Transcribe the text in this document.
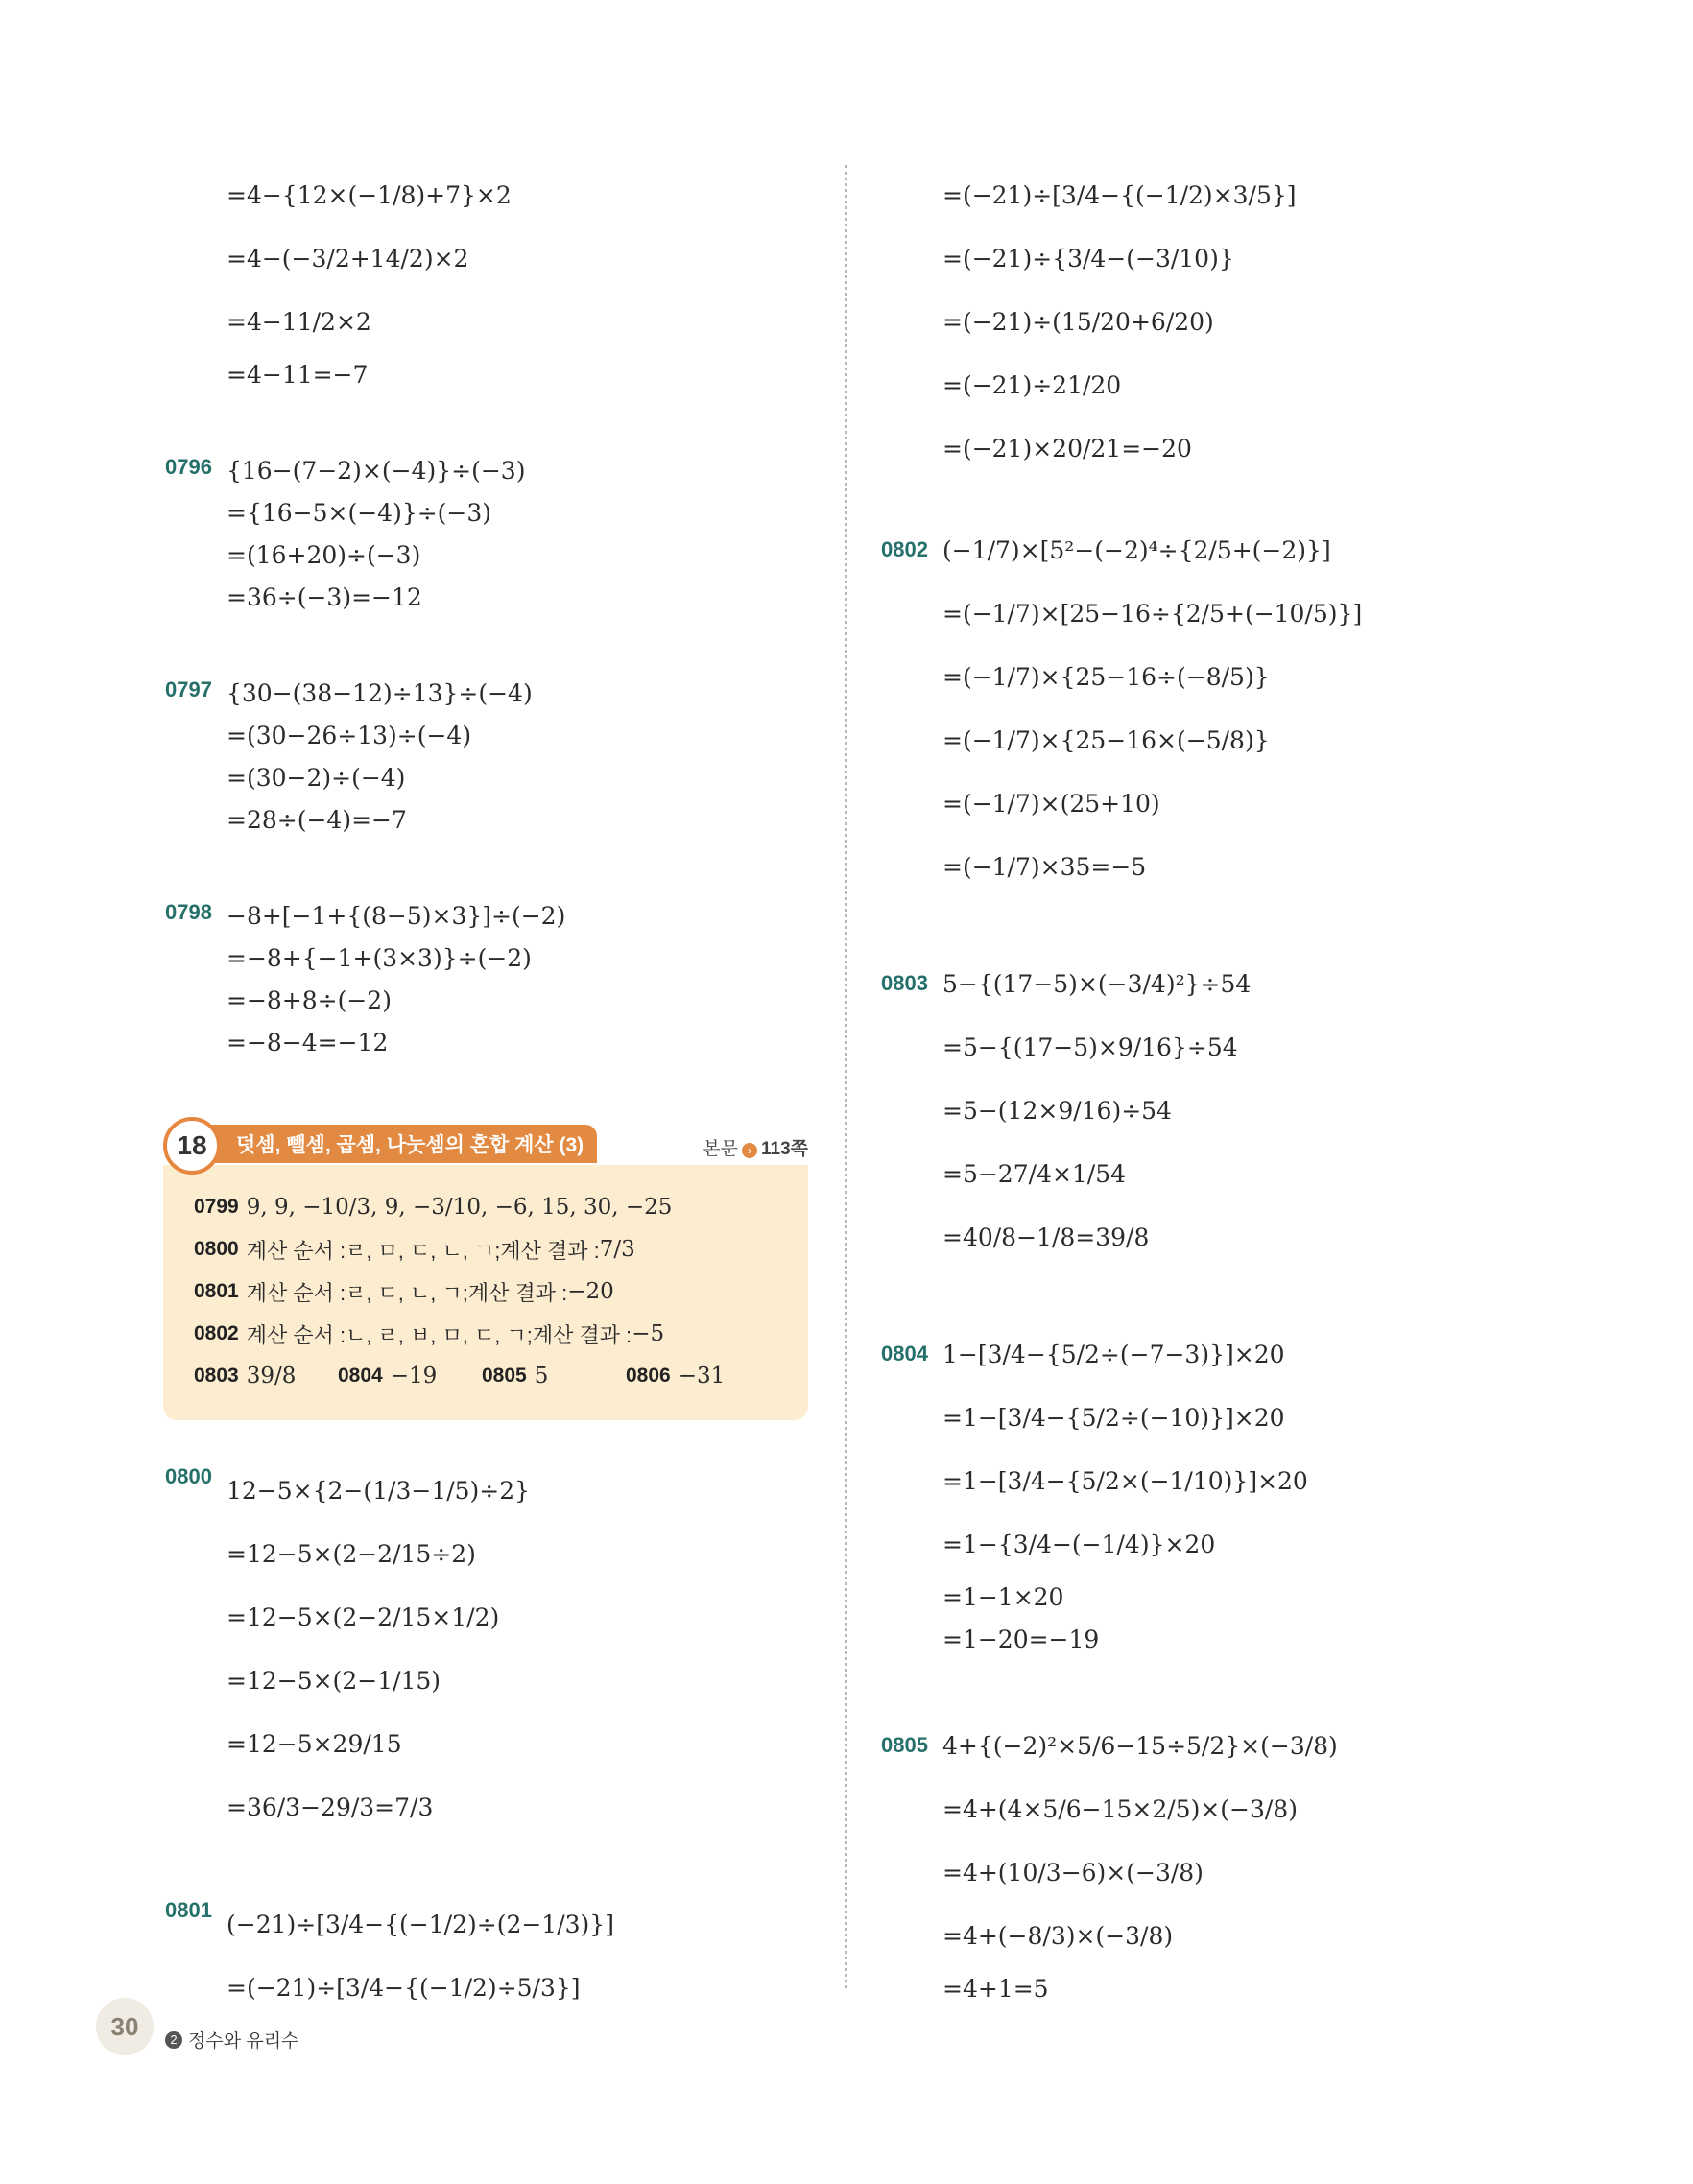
=4−{12×(−1/8)+7}×2
=4−(−3/2+14/2)×2
=4−11/2×2
=4−11=−7
0796 {16−(7−2)×(−4)}÷(−3)
={16−5×(−4)}÷(−3)
=(16+20)÷(−3)
=36÷(−3)=−12
0797 {30−(38−12)÷13}÷(−4)
=(30−26÷13)÷(−4)
=(30−2)÷(−4)
=28÷(−4)=−7
0798 −8+[−1+{(8−5)×3}]÷(−2)
=−8+{−1+(3×3)}÷(−2)
=−8+8÷(−2)
=−8−4=−12
18	덧셈, 뺄셈, 곱셈, 나눗셈의 혼합 계산 (3)	본문 › 113쪽
0799 9, 9, −10/3, 9, −3/10, −6, 15, 30, −25
0800 계산 순서 : ㄹ, ㅁ, ㄷ, ㄴ, ㄱ; 계산 결과 : 7/3
0801 계산 순서 : ㄹ, ㄷ, ㄴ, ㄱ; 계산 결과 : −20
0802 계산 순서 : ㄴ, ㄹ, ㅂ, ㅁ, ㄷ, ㄱ; 계산 결과 : −5
0803 39/8 0804 −19 0805 5	0806 −31
0800 12−5×{2−(1/3−1/5)÷2}
=12−5×(2−2/15÷2)
=12−5×(2−2/15×1/2)
=12−5×(2−1/15)
=12−5×29/15
=36/3−29/3=7/3
0801 (−21)÷[3/4−{(−1/2)÷(2−1/3)}]
=(−21)÷[3/4−{(−1/2)÷5/3}]
=(−21)÷[3/4−{(−1/2)×3/5}]
=(−21)÷{3/4−(−3/10)}
=(−21)÷(15/20+6/20)
=(−21)÷21/20
=(−21)×20/21=−20
0802 (−1/7)×[5²−(−2)⁴÷{2/5+(−2)}]
=(−1/7)×[25−16÷{2/5+(−10/5)}]
=(−1/7)×{25−16÷(−8/5)}
=(−1/7)×{25−16×(−5/8)}
=(−1/7)×(25+10)
=(−1/7)×35=−5
0803 5−{(17−5)×(−3/4)²}÷54
=5−{(17−5)×9/16}÷54
=5−(12×9/16)÷54
=5−27/4×1/54
=40/8−1/8=39/8
0804 1−[3/4−{5/2÷(−7−3)}]×20
=1−[3/4−{5/2÷(−10)}]×20
=1−[3/4−{5/2×(−1/10)}]×20
=1−{3/4−(−1/4)}×20
=1−1×20
=1−20=−19
0805 4+{(−2)²×5/6−15÷5/2}×(−3/8)
=4+(4×5/6−15×2/5)×(−3/8)
=4+(10/3−6)×(−3/8)
=4+(−8/3)×(−3/8)
=4+1=5
30	2 정수와 유리수
